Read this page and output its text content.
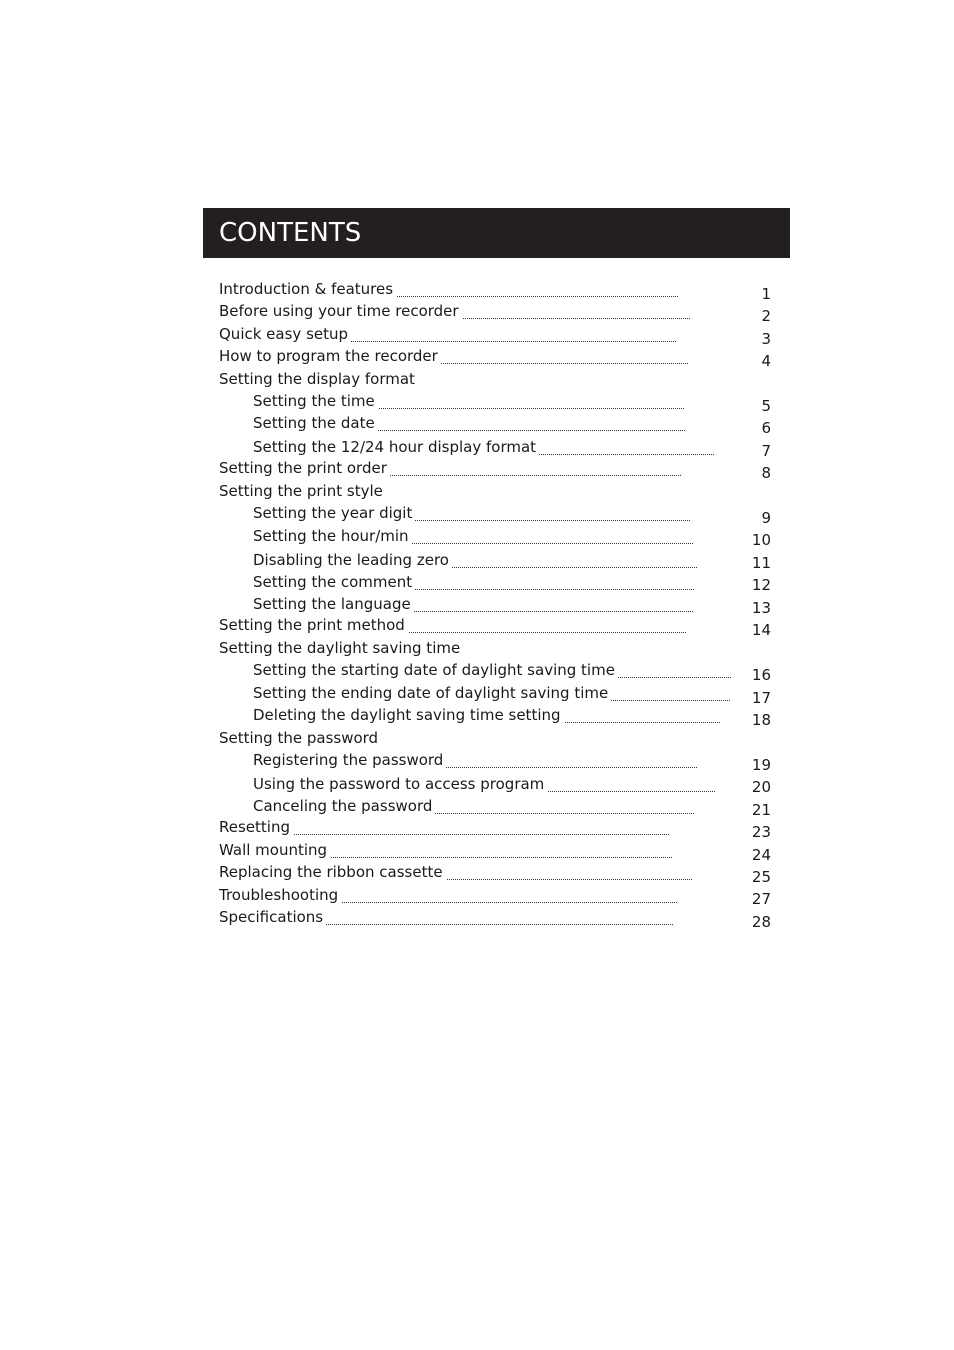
CONTENTS
Introduction & features	1
Before using your time recorder	2
Quick easy setup	3
How to program the recorder	4
Setting the display format
Setting the time	5
Setting the date	6
Setting the 12/24 hour display format	7
Setting the print order	8
Setting the print style
Setting the year digit	9
Setting the hour/min	10
Disabling the leading zero	11
Setting the comment	12
Setting the language	13
Setting the print method	14
Setting the daylight saving time
Setting the starting date of daylight saving time	16
Setting the ending date of daylight saving time	17
Deleting the daylight saving time setting	18
Setting the password
Registering the password	19
Using the password to access program	20
Canceling the password	21
Resetting	23
Wall mounting	24
Replacing the ribbon cassette	25
Troubleshooting	27
Specifications	28
